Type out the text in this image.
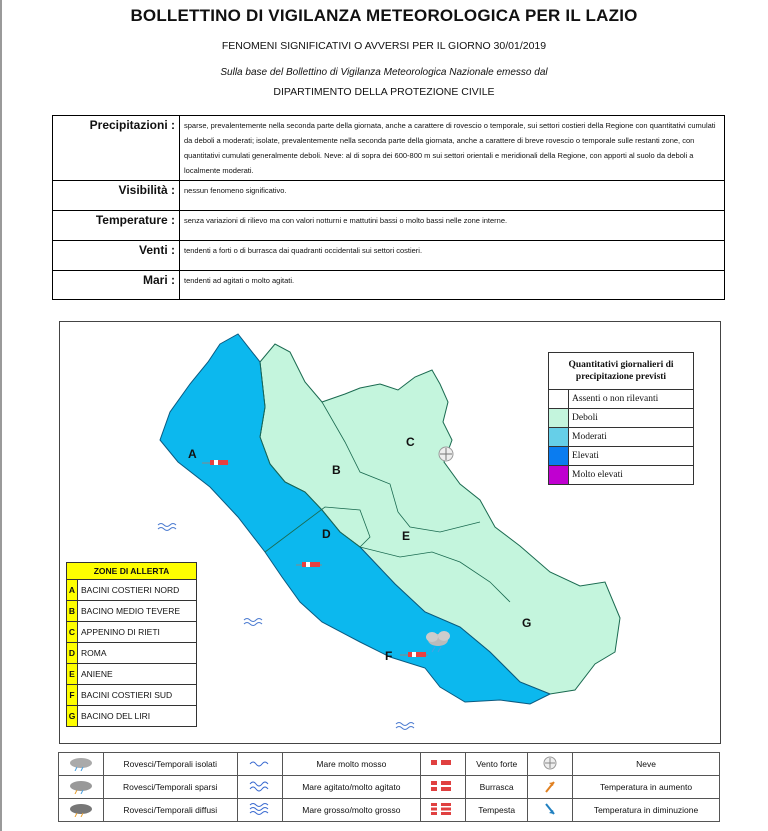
BOLLETTINO DI VIGILANZA METEOROLOGICA PER IL LAZIO
FENOMENI SIGNIFICATIVI O AVVERSI PER IL GIORNO 30/01/2019
Sulla base del Bollettino di Vigilanza Meteorologica Nazionale emesso dal
DIPARTIMENTO DELLA PROTEZIONE CIVILE
Precipitazioni :	sparse, prevalentemente nella seconda parte della giornata, anche a carattere di rovescio o temporale, sui settori costieri della Regione con quantitativi cumulati da deboli a moderati; isolate, prevalentemente nella seconda parte della giornata, anche a carattere di breve rovescio o temporale sulle restanti zone, con quantitativi cumulati generalmente deboli. Neve: al di sopra dei 600-800 m sui settori orientali e meridionali della Regione, con apporti al suolo da deboli a localmente moderati.
Visibilità :	nessun fenomeno significativo.
Temperature :	senza variazioni di rilievo ma con valori notturni e mattutini bassi o molto bassi nelle zone interne.
Venti :	tendenti a forti o di burrasca dai quadranti occidentali sui settori costieri.
Mari :	tendenti ad agitati o molto agitati.
A
B
C
D	E
F
G
Quantitativi giornalieri di precipitazione previsti	
	Assenti o non rilevanti
	Deboli
	Moderati
	Elevati
	Molto elevati
ZONE DI ALLERTA	
A	BACINI COSTIERI NORD
B	BACINO MEDIO TEVERE
C	APPENINO DI RIETI
D	ROMA
E	ANIENE
F	BACINI COSTIERI SUD
G	BACINO DEL LIRI
	Rovesci/Temporali isolati		Mare molto mosso		Vento forte		Neve
	Rovesci/Temporali sparsi		Mare agitato/molto agitato		Burrasca		Temperatura in aumento
	Rovesci/Temporali diffusi		Mare grosso/molto grosso		Tempesta		Temperatura in diminuzione
